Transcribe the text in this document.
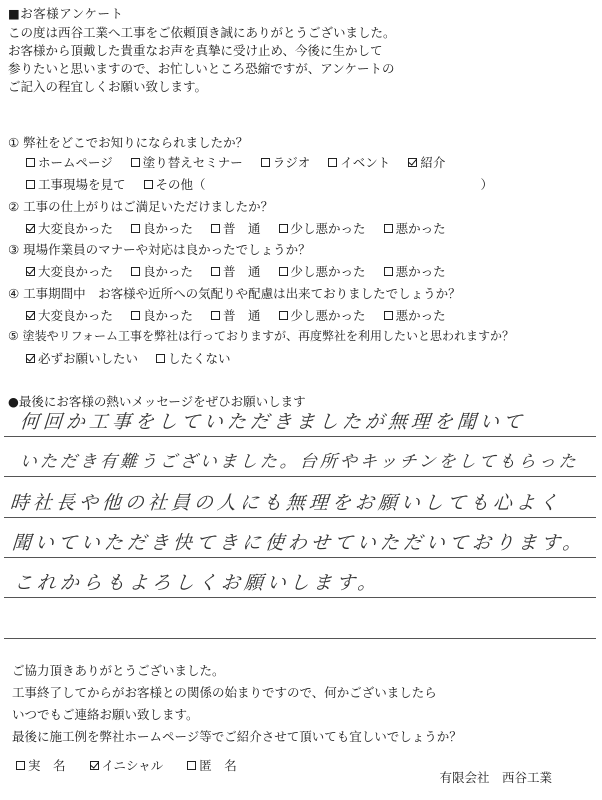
■お客様アンケート
この度は西谷工業へ工事をご依頼頂き誠にありがとうございました。
お客様から頂戴した貴重なお声を真摯に受け止め、今後に生かして
参りたいと思いますので、お忙しいところ恐縮ですが、アンケートの
ご記入の程宜しくお願い致します。
① 弊社をどこでお知りになられましたか？
ホームページ 塗り替えセミナー ラジオ イベント 紹介
工事現場を見て その他（　　　　　　　　　　　　　　　　　　　　　　）
② 工事の仕上がりはご満足いただけましたか？
大変良かった 良かった 普　通 少し悪かった 悪かった
③ 現場作業員のマナーや対応は良かったでしょうか？
大変良かった 良かった 普　通 少し悪かった 悪かった
④ 工事期間中　お客様や近所への気配りや配慮は出来ておりましたでしょうか？
大変良かった 良かった 普　通 少し悪かった 悪かった
⑤ 塗装やリフォーム工事を弊社は行っておりますが、再度弊社を利用したいと思われますか？
必ずお願いしたい したくない
●最後にお客様の熱いメッセージをぜひお願いします
何回か工事をしていただきましたが無理を聞いて
いただき有難うございました。台所やキッチンをしてもらった
時社長や他の社員の人にも無理をお願いしても心よく
聞いていただき快てきに使わせていただいております。
これからもよろしくお願いします。
ご協力頂きありがとうございました。
工事終了してからがお客様との関係の始まりですので、何かございましたら
いつでもご連絡お願い致します。
最後に施工例を弊社ホームページ等でご紹介させて頂いても宜しいでしょうか？
実　名	イニシャル	匿　名
有限会社　西谷工業
